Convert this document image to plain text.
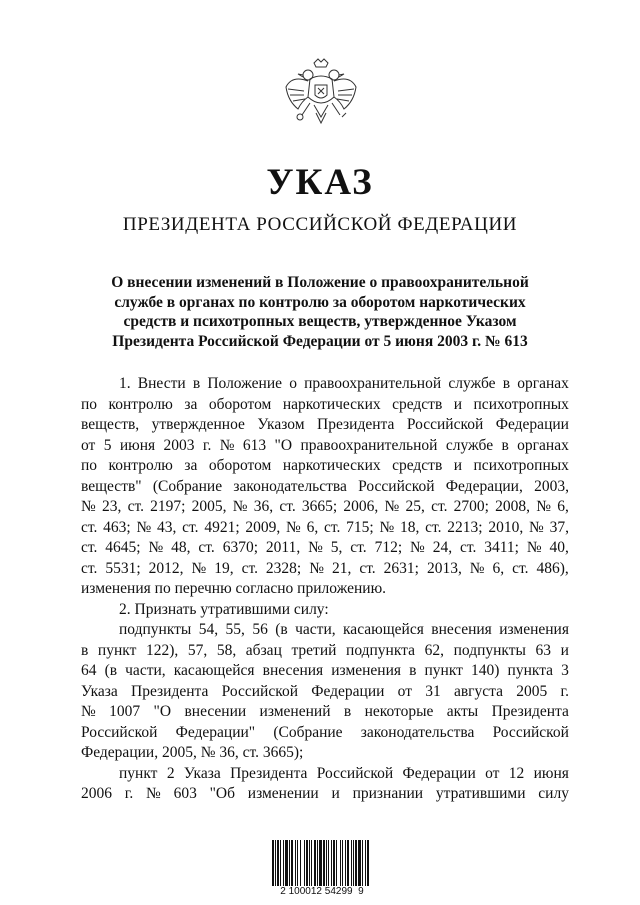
УКАЗ
ПРЕЗИДЕНТА РОССИЙСКОЙ ФЕДЕРАЦИИ
О внесении изменений в Положение о правоохранительной
службе в органах по контролю за оборотом наркотических
средств и психотропных веществ, утвержденное Указом
Президента Российской Федерации от 5 июня 2003 г. № 613
1. Внести в Положение о правоохранительной службе в органах
по контролю за оборотом наркотических средств и психотропных
веществ, утвержденное Указом Президента Российской Федерации
от 5 июня 2003 г. № 613 "О правоохранительной службе в органах
по контролю за оборотом наркотических средств и психотропных
веществ" (Собрание законодательства Российской Федерации, 2003,
№ 23, ст. 2197; 2005, № 36, ст. 3665; 2006, № 25, ст. 2700; 2008, № 6,
ст. 463; № 43, ст. 4921; 2009, № 6, ст. 715; № 18, ст. 2213; 2010, № 37,
ст. 4645; № 48, ст. 6370; 2011, № 5, ст. 712; № 24, ст. 3411; № 40,
ст. 5531; 2012, № 19, ст. 2328; № 21, ст. 2631; 2013, № 6, ст. 486),
изменения по перечню согласно приложению.
2. Признать утратившими силу:
подпункты 54, 55, 56 (в части, касающейся внесения изменения
в пункт 122), 57, 58, абзац третий подпункта 62, подпункты 63 и
64 (в части, касающейся внесения изменения в пункт 140) пункта 3
Указа Президента Российской Федерации от 31 августа 2005 г.
№ 1007 "О внесении изменений в некоторые акты Президента
Российской Федерации" (Собрание законодательства Российской
Федерации, 2005, № 36, ст. 3665);
пункт 2 Указа Президента Российской Федерации от 12 июня
2006 г. № 603 "Об изменении и признании утратившими силу
2 100012 54299  9
